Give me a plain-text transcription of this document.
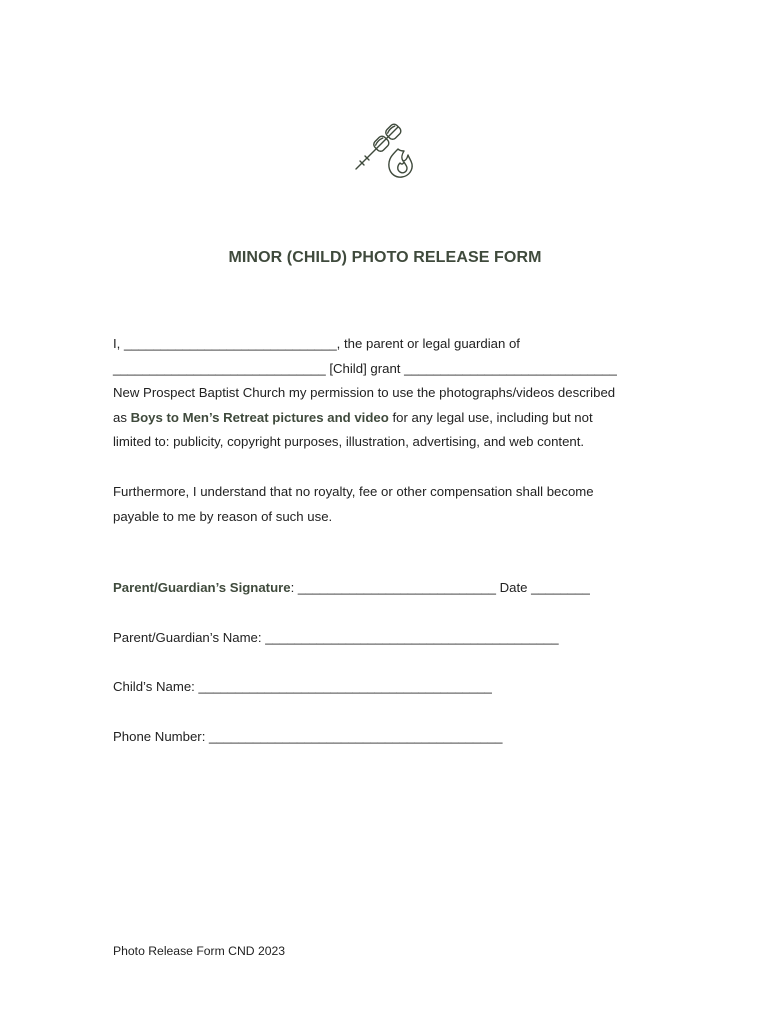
MINOR (CHILD) PHOTO RELEASE FORM
I, _____________________________, the parent or legal guardian of
_____________________________ [Child] grant _____________________________
New Prospect Baptist Church my permission to use the photographs/videos described
as Boys to Men’s Retreat pictures and video for any legal use, including but not
limited to: publicity, copyright purposes, illustration, advertising, and web content.
Furthermore, I understand that no royalty, fee or other compensation shall become
payable to me by reason of such use.
Parent/Guardian’s Signature: ___________________________ Date ________
Parent/Guardian’s Name: ________________________________________
Child’s Name: ________________________________________
Phone Number: ________________________________________
Photo Release Form CND 2023
